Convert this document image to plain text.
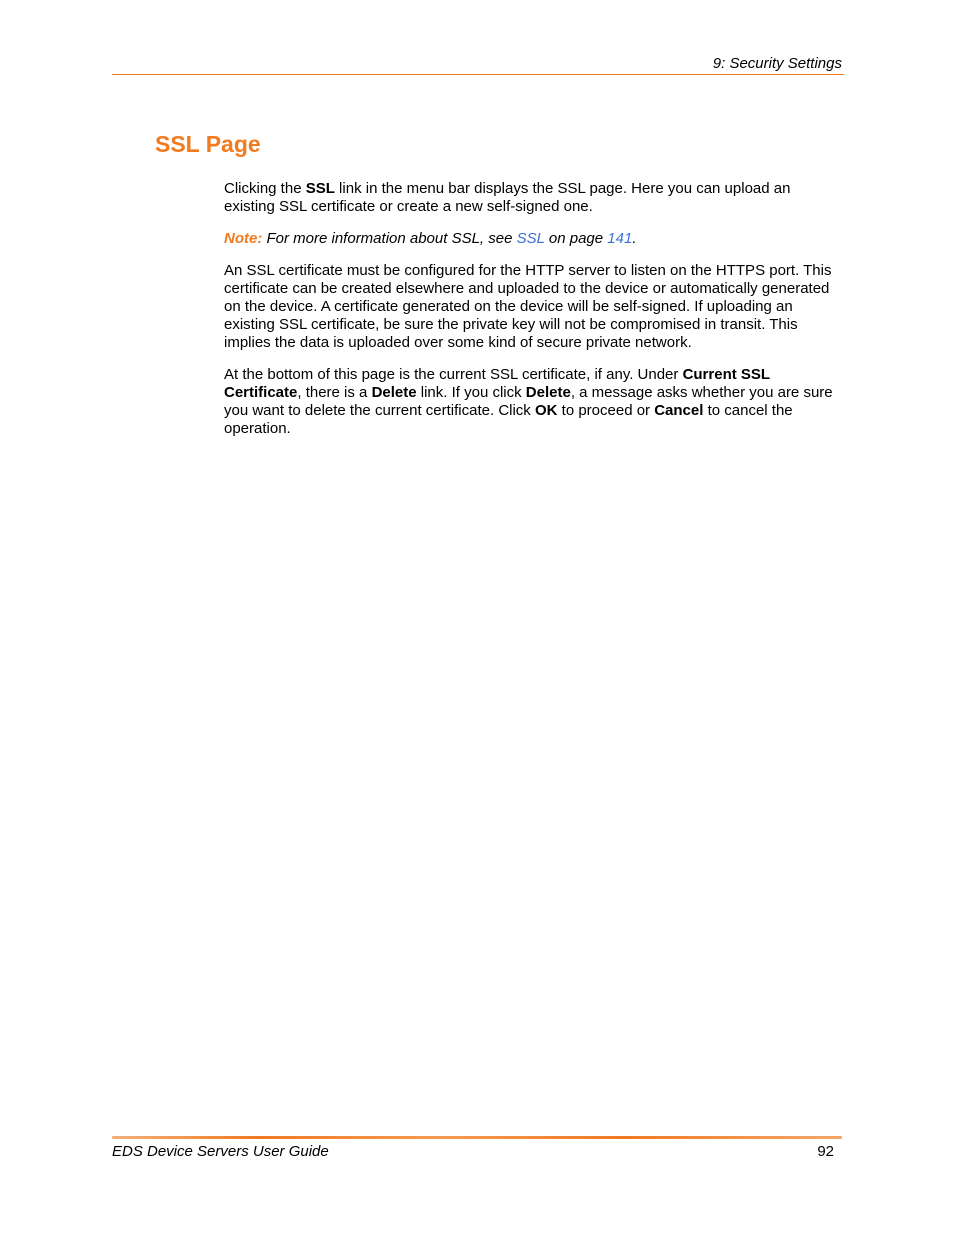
9: Security Settings
SSL Page

Clicking the SSL link in the menu bar displays the SSL page. Here you can upload an existing SSL certificate or create a new self-signed one.

Note: For more information about SSL, see SSL on page 141.

An SSL certificate must be configured for the HTTP server to listen on the HTTPS port. This certificate can be created elsewhere and uploaded to the device or automatically generated on the device. A certificate generated on the device will be self-signed. If uploading an existing SSL certificate, be sure the private key will not be compromised in transit. This implies the data is uploaded over some kind of secure private network.

At the bottom of this page is the current SSL certificate, if any. Under Current SSL Certificate, there is a Delete link. If you click Delete, a message asks whether you are sure you want to delete the current certificate. Click OK to proceed or Cancel to cancel the operation.

EDS Device Servers User Guide	92
